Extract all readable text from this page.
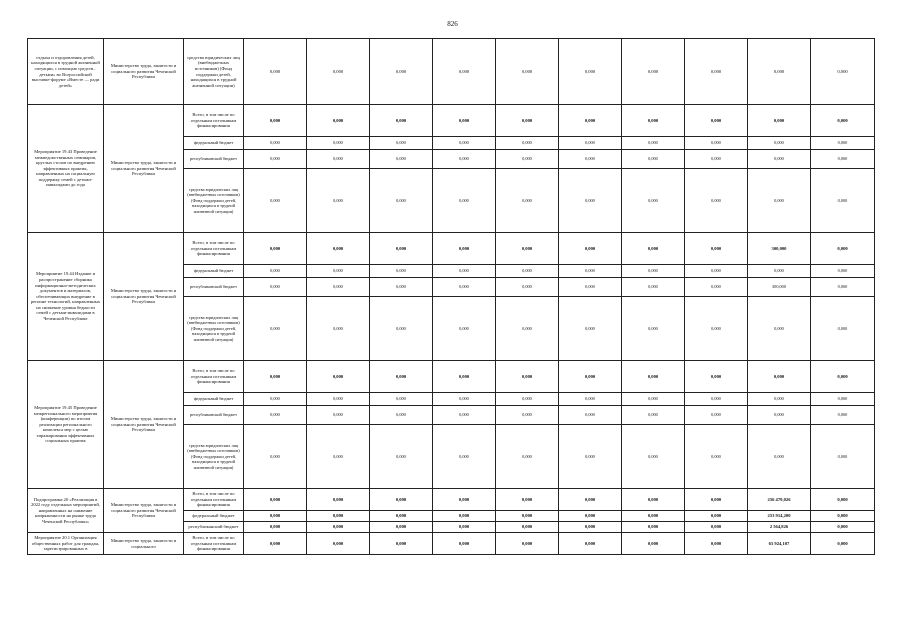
826
отдыха и оздоровления детей, находящихся в трудной жизненной ситуации, с помощью средств... детьми» во Всероссийской выставке-форуме «Вместе — ради детей»	Министерство труда, занятости и социального развития Чеченской Республики	средства юридических лиц (внебюджетных источников) (Фонд поддержки детей, находящихся в трудной жизненной ситуации)	0,000	0,000	0,000	0,000	0,000	0,000	0,000	0,000	0,000	0,000
Мероприятие 19.43 Проведение межведомственных семинаров, круглых столов по внедрению эффективных практик, направленных на социальную поддержку семей с детьми-инвалидами до года	Министерство труда, занятости и социального развития Чеченской Республики	Всего, в том числе по отдельным источникам финансирования	0,000	0,000	0,000	0,000	0,000	0,000	0,000	0,000	0,000	0,000
		федеральный бюджет	0,000	0,000	0,000	0,000	0,000	0,000	0,000	0,000	0,000	0,000
		республиканский бюджет	0,000	0,000	0,000	0,000	0,000	0,000	0,000	0,000	0,000	0,000
		средства юридических лиц (внебюджетных источников) (Фонд поддержки детей, находящихся в трудной жизненной ситуации)	0,000	0,000	0,000	0,000	0,000	0,000	0,000	0,000	0,000	0,000
Мероприятие 19.44 Издание и распространение сборника информационно-методических документов и материалов, обеспечивающих внедрение в регионе технологий, направленных на снижение уровня бедности семей с детьми-инвалидами в Чеченской Республике	Министерство труда, занятости и социального развития Чеченской Республики	Всего, в том числе по отдельным источникам финансирования	0,000	0,000	0,000	0,000	0,000	0,000	0,000	0,000	300,000	0,000
		федеральный бюджет	0,000	0,000	0,000	0,000	0,000	0,000	0,000	0,000	0,000	0,000
		республиканский бюджет	0,000	0,000	0,000	0,000	0,000	0,000	0,000	0,000	300,000	0,000
		средства юридических лиц (внебюджетных источников) (Фонд поддержки детей, находящихся в трудной жизненной ситуации)	0,000	0,000	0,000	0,000	0,000	0,000	0,000	0,000	0,000	0,000
Мероприятие 19.45 Проведение межрегионального мероприятия (конференции) по итогам реализации регионального комплекса мер с целью тиражирования эффективных социальных практик	Министерство труда, занятости и социального развития Чеченской Республики	Всего, в том числе по отдельным источникам финансирования	0,000	0,000	0,000	0,000	0,000	0,000	0,000	0,000	0,000	0,000
		федеральный бюджет	0,000	0,000	0,000	0,000	0,000	0,000	0,000	0,000	0,000	0,000
		республиканский бюджет	0,000	0,000	0,000	0,000	0,000	0,000	0,000	0,000	0,000	0,000
		средства юридических лиц (внебюджетных источников) (Фонд поддержки детей, находящихся в трудной жизненной ситуации)	0,000	0,000	0,000	0,000	0,000	0,000	0,000	0,000	0,000	0,000
Подпрограмма 20 «Реализация в 2022 году отдельных мероприятий, направленных на снижение напряженности на рынке труда Чеченской Республики»	Министерство труда, занятости и социального развития Чеченской Республики	Всего, в том числе по отдельным источникам финансирования	0,000	0,000	0,000	0,000	0,000	0,000	0,000	0,000	256 479,026	0,000
		федеральный бюджет	0,000	0,000	0,000	0,000	0,000	0,000	0,000	0,000	253 914,200	0,000
		республиканский бюджет	0,000	0,000	0,000	0,000	0,000	0,000	0,000	0,000	2 564,826	0,000
Мероприятие 20.1 Организация общественных работ для граждан, зарегистрированных в	Министерство труда, занятости и социального	Всего, в том числе по отдельным источникам финансирования	0,000	0,000	0,000	0,000	0,000	0,000	0,000	0,000	65 924,107	0,000
